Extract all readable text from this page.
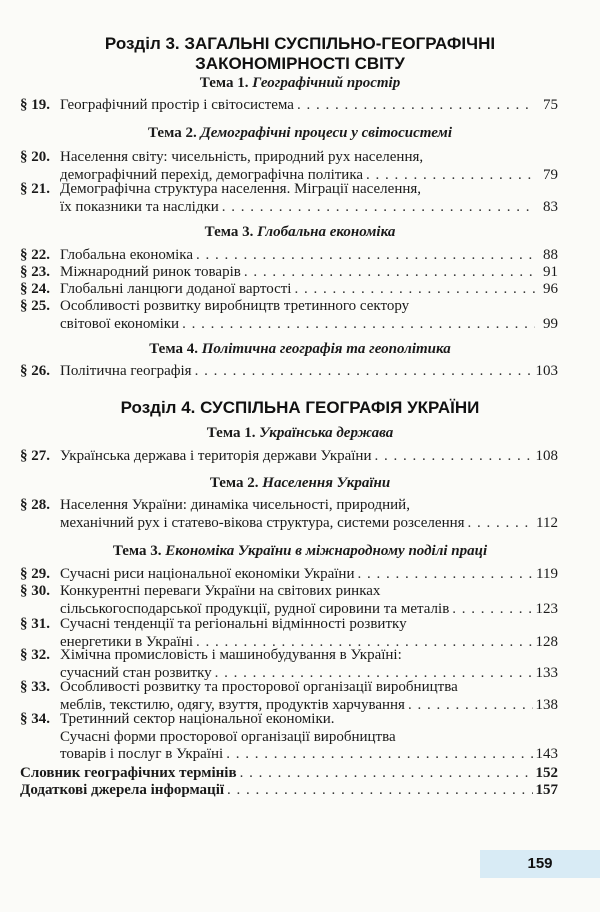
Розділ 3. ЗАГАЛЬНІ СУСПІЛЬНО-ГЕОГРАФІЧНІ
ЗАКОНОМІРНОСТІ СВІТУ
Тема 1. Географічний простір
§ 19. Географічний простір і світосистема . . .	75
Тема 2. Демографічні процеси у світосистемі
§ 20. Населення світу: чисельність, природний рух населення,
демографічний перехід, демографічна політика . . .	79
§ 21. Демографічна структура населення. Міграції населення,
їх показники та наслідки . . .	83
Тема 3. Глобальна економіка
§ 22. Глобальна економіка . . .	88
§ 23. Міжнародний ринок товарів . . .	91
§ 24. Глобальні ланцюги доданої вартості . . .	96
§ 25. Особливості розвитку виробництв третинного сектору
світової економіки . . .	99
Тема 4. Політична географія та геополітика
§ 26. Політична географія . . .	103
Розділ 4. СУСПІЛЬНА ГЕОГРАФІЯ УКРАЇНИ
Тема 1. Українська держава
§ 27. Українська держава і територія держави України . . .	108
Тема 2. Населення України
§ 28. Населення України: динаміка чисельності, природний,
механічний рух і статево-вікова структура, системи розселення . . .	112
Тема 3. Економіка України в міжнародному поділі праці
§ 29. Сучасні риси національної економіки України . . .	119
§ 30. Конкурентні переваги України на світових ринках
сільськогосподарської продукції, рудної сировини та металів . . .	123
§ 31. Сучасні тенденції та регіональні відмінності розвитку
енергетики в Україні . . .	128
§ 32. Хімічна промисловість і машинобудування в Україні:
сучасний стан розвитку . . .	133
§ 33. Особливості розвитку та просторової організації виробництва
меблів, текстилю, одягу, взуття, продуктів харчування . . .	138
§ 34. Третинний сектор національної економіки.
Сучасні форми просторової організації виробництва
товарів і послуг в Україні . . .	143
Словник географічних термінів . . .	152
Додаткові джерела інформації . . .	157
159
